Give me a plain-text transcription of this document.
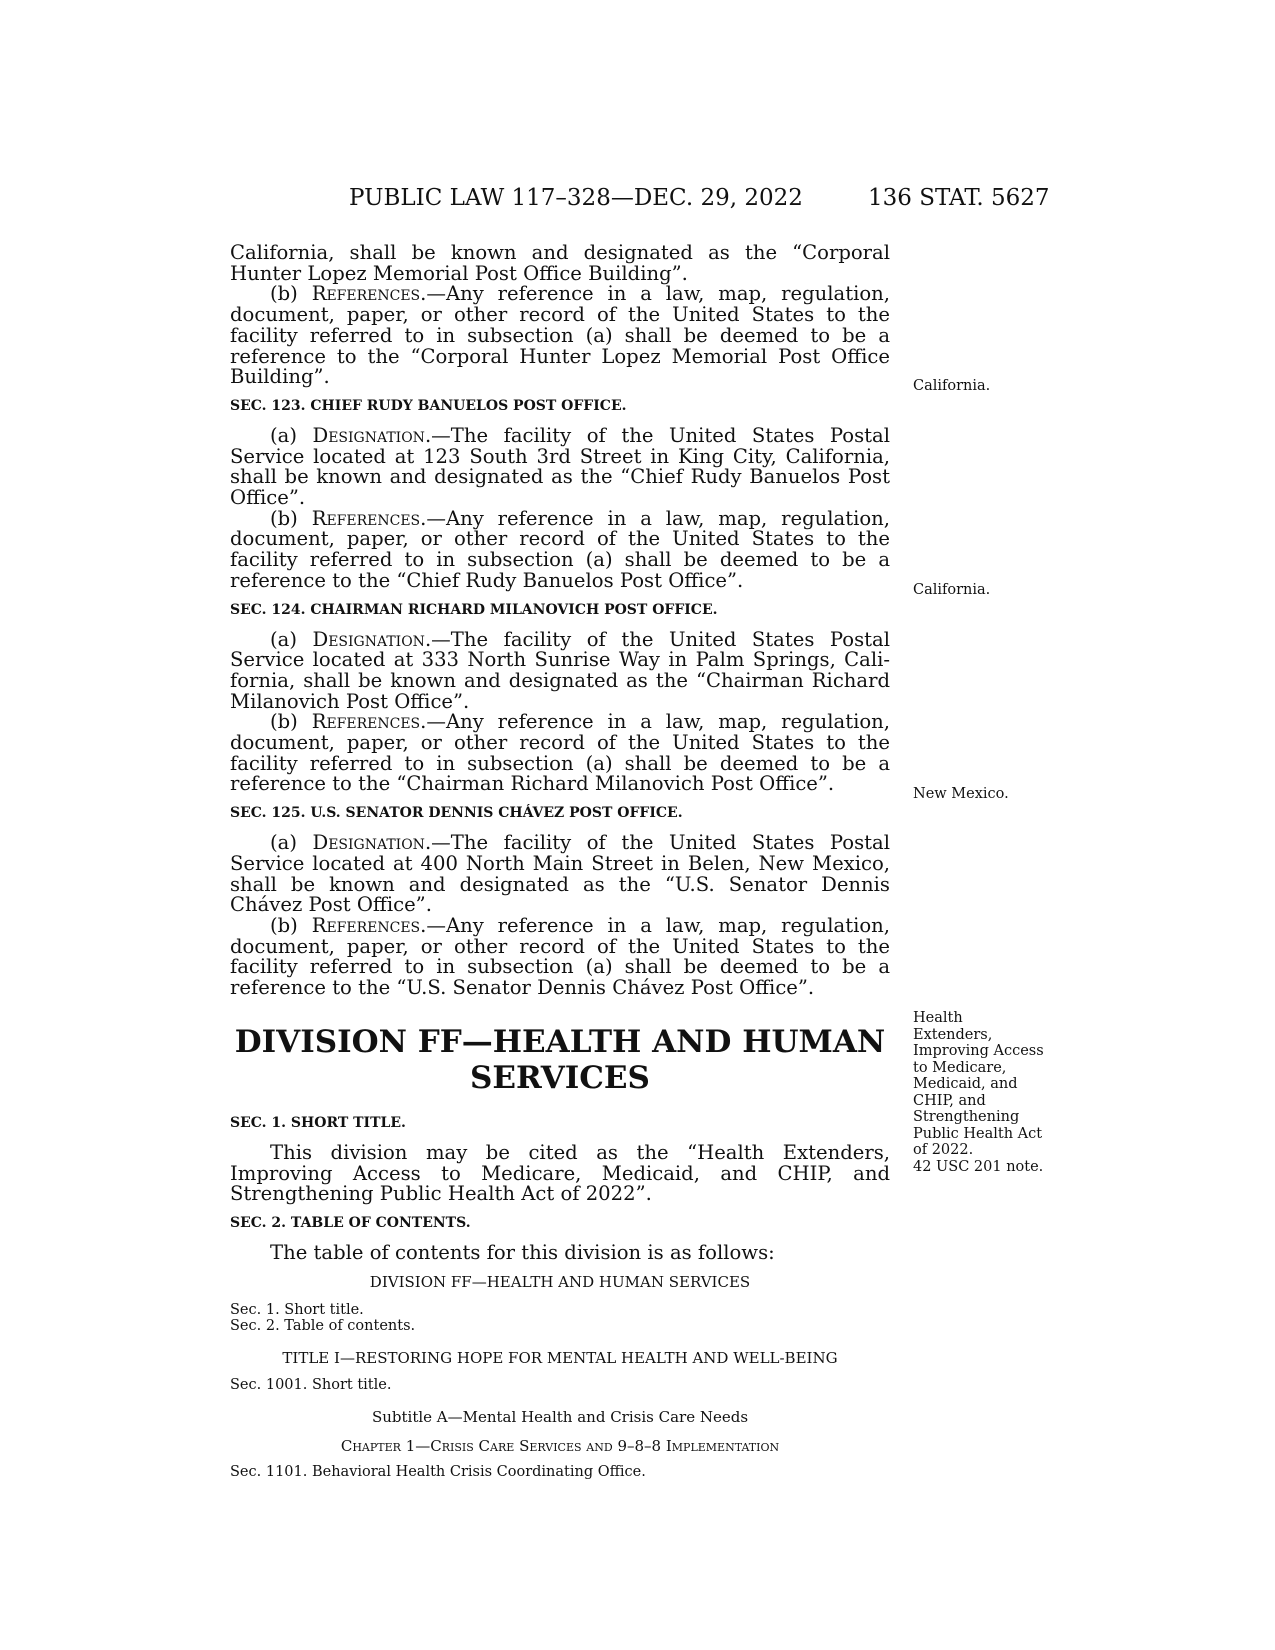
PUBLIC LAW 117–328—DEC. 29, 2022	136 STAT. 5627

California, shall be known and designated as the “Corporal Hunter Lopez Memorial Post Office Building”.

(b) References.—Any reference in a law, map, regulation, document, paper, or other record of the United States to the facility referred to in subsection (a) shall be deemed to be a reference to the “Corporal Hunter Lopez Memorial Post Office Building”.

SEC. 123. CHIEF RUDY BANUELOS POST OFFICE.

(a) Designation.—The facility of the United States Postal Service located at 123 South 3rd Street in King City, California, shall be known and designated as the “Chief Rudy Banuelos Post Office”.

(b) References.—Any reference in a law, map, regulation, document, paper, or other record of the United States to the facility referred to in subsection (a) shall be deemed to be a reference to the “Chief Rudy Banuelos Post Office”.

SEC. 124. CHAIRMAN RICHARD MILANOVICH POST OFFICE.

(a) Designation.—The facility of the United States Postal Service located at 333 North Sunrise Way in Palm Springs, Cali-fornia, shall be known and designated as the “Chairman Richard Milanovich Post Office”.

(b) References.—Any reference in a law, map, regulation, document, paper, or other record of the United States to the facility referred to in subsection (a) shall be deemed to be a reference to the “Chairman Richard Milanovich Post Office”.

SEC. 125. U.S. SENATOR DENNIS CHÁVEZ POST OFFICE.

(a) Designation.—The facility of the United States Postal Service located at 400 North Main Street in Belen, New Mexico, shall be known and designated as the “U.S. Senator Dennis Chávez Post Office”.

(b) References.—Any reference in a law, map, regulation, document, paper, or other record of the United States to the facility referred to in subsection (a) shall be deemed to be a reference to the “U.S. Senator Dennis Chávez Post Office”.

DIVISION FF—HEALTH AND HUMAN
SERVICES
SEC. 1. SHORT TITLE.

This division may be cited as the “Health Extenders, Improving Access to Medicare, Medicaid, and CHIP, and Strengthening Public Health Act of 2022”.

SEC. 2. TABLE OF CONTENTS.
The table of contents for this division is as follows:
DIVISION FF—HEALTH AND HUMAN SERVICES
Sec. 1. Short title.
Sec. 2. Table of contents.
TITLE I—RESTORING HOPE FOR MENTAL HEALTH AND WELL-BEING
Sec. 1001. Short title.
Subtitle A—Mental Health and Crisis Care Needs
Chapter 1—Crisis Care Services and 9–8–8 Implementation
Sec. 1101. Behavioral Health Crisis Coordinating Office.
California.
California.
New Mexico.
Health
Extenders,
Improving Access
to Medicare,
Medicaid, and
CHIP, and
Strengthening
Public Health Act
of 2022.
42 USC 201 note.
